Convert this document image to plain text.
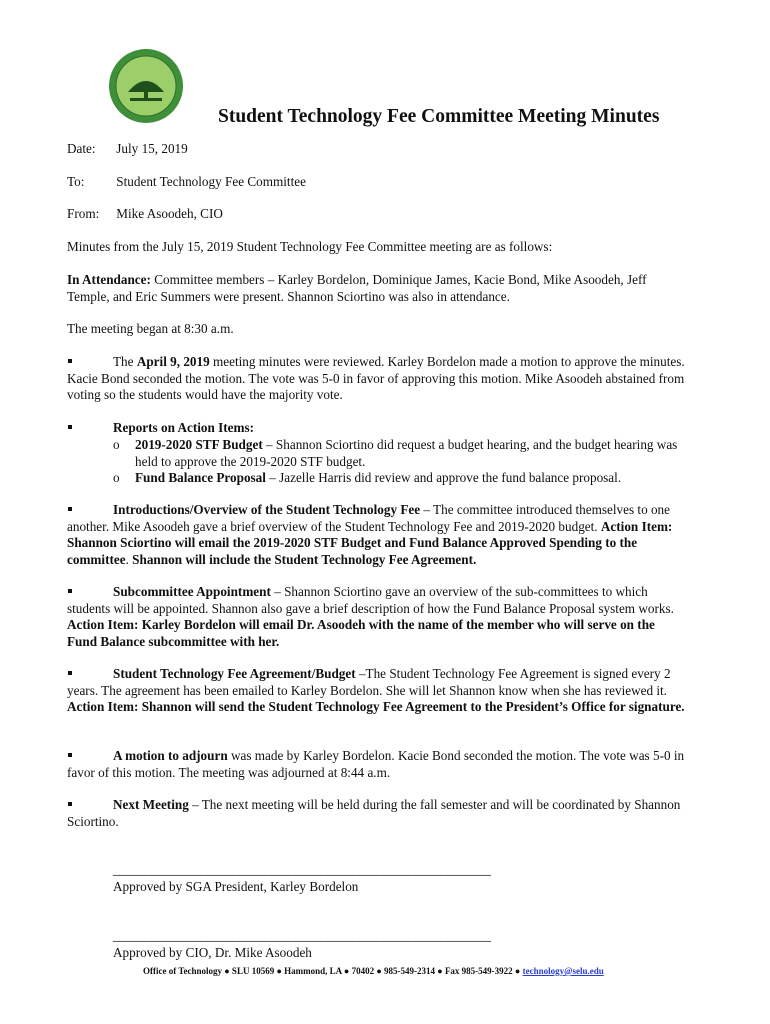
Student Technology Fee Committee Meeting Minutes
Date: July 15, 2019
To: Student Technology Fee Committee
From: Mike Asoodeh, CIO
Minutes from the July 15, 2019 Student Technology Fee Committee meeting are as follows:
In Attendance: Committee members – Karley Bordelon, Dominique James, Kacie Bond, Mike Asoodeh, Jeff Temple, and Eric Summers were present. Shannon Sciortino was also in attendance.
The meeting began at 8:30 a.m.
The April 9, 2019 meeting minutes were reviewed. Karley Bordelon made a motion to approve the minutes. Kacie Bond seconded the motion. The vote was 5-0 in favor of approving this motion. Mike Asoodeh abstained from voting so the students would have the majority vote.
Reports on Action Items:
o 2019-2020 STF Budget – Shannon Sciortino did request a budget hearing, and the budget hearing was held to approve the 2019-2020 STF budget.
o Fund Balance Proposal – Jazelle Harris did review and approve the fund balance proposal.
Introductions/Overview of the Student Technology Fee – The committee introduced themselves to one another. Mike Asoodeh gave a brief overview of the Student Technology Fee and 2019-2020 budget. Action Item: Shannon Sciortino will email the 2019-2020 STF Budget and Fund Balance Approved Spending to the committee. Shannon will include the Student Technology Fee Agreement.
Subcommittee Appointment – Shannon Sciortino gave an overview of the sub-committees to which students will be appointed. Shannon also gave a brief description of how the Fund Balance Proposal system works. Action Item: Karley Bordelon will email Dr. Asoodeh with the name of the member who will serve on the Fund Balance subcommittee with her.
Student Technology Fee Agreement/Budget –The Student Technology Fee Agreement is signed every 2 years. The agreement has been emailed to Karley Bordelon. She will let Shannon know when she has reviewed it. Action Item: Shannon will send the Student Technology Fee Agreement to the President’s Office for signature.
A motion to adjourn was made by Karley Bordelon. Kacie Bond seconded the motion. The vote was 5-0 in favor of this motion. The meeting was adjourned at 8:44 a.m.
Next Meeting – The next meeting will be held during the fall semester and will be coordinated by Shannon Sciortino.
____________________________________________________________
Approved by SGA President, Karley Bordelon
____________________________________________________________
Approved by CIO, Dr. Mike Asoodeh
Office of Technology ● SLU 10569 ● Hammond, LA ● 70402 ● 985-549-2314 ● Fax 985-549-3922 ● technology@selu.edu
